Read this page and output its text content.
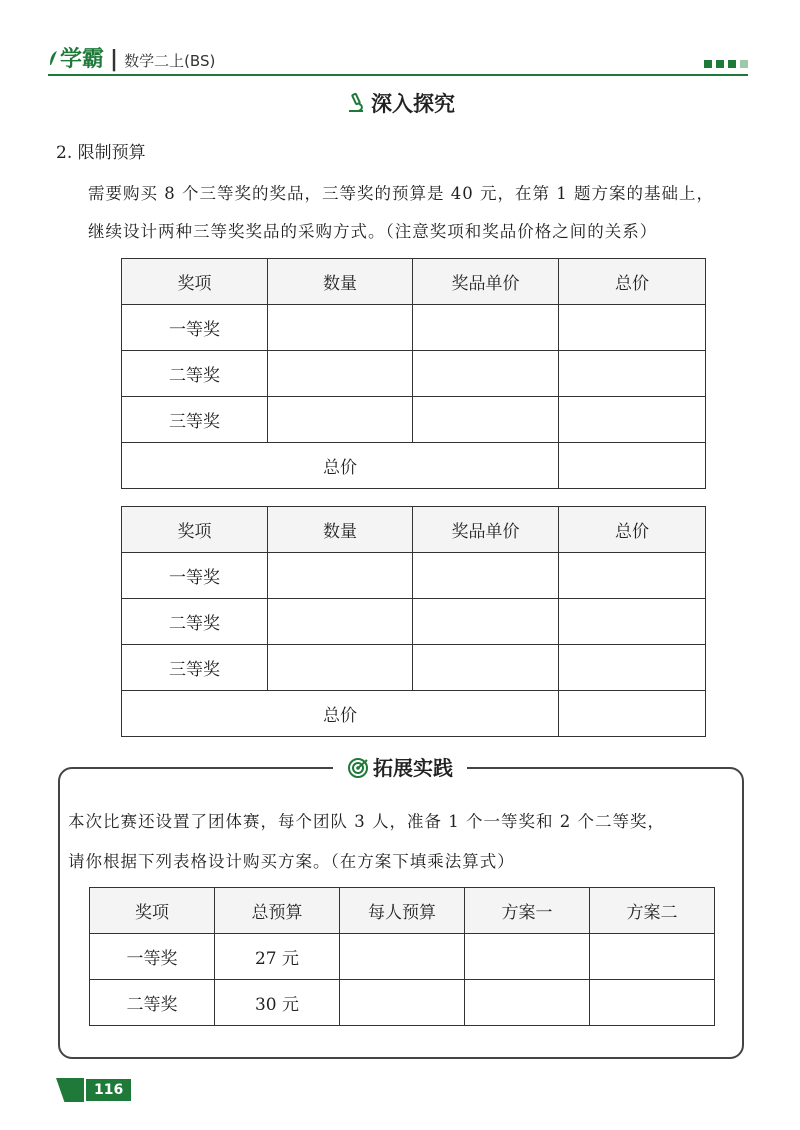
学霸 | 数学二上(BS)
深入探究
2. 限制预算
需要购买 8 个三等奖的奖品，三等奖的预算是 40 元，在第 1 题方案的基础上，
继续设计两种三等奖奖品的采购方式。（注意奖项和奖品价格之间的关系）
奖项	数量	奖品单价	总价
一等奖			
二等奖			
三等奖			
总价			
奖项	数量	奖品单价	总价
一等奖			
二等奖			
三等奖			
总价			
拓展实践
本次比赛还设置了团体赛，每个团队 3 人，准备 1 个一等奖和 2 个二等奖，
请你根据下列表格设计购买方案。（在方案下填乘法算式）
奖项	总预算	每人预算	方案一	方案二
一等奖	27 元			
二等奖	30 元			
116
